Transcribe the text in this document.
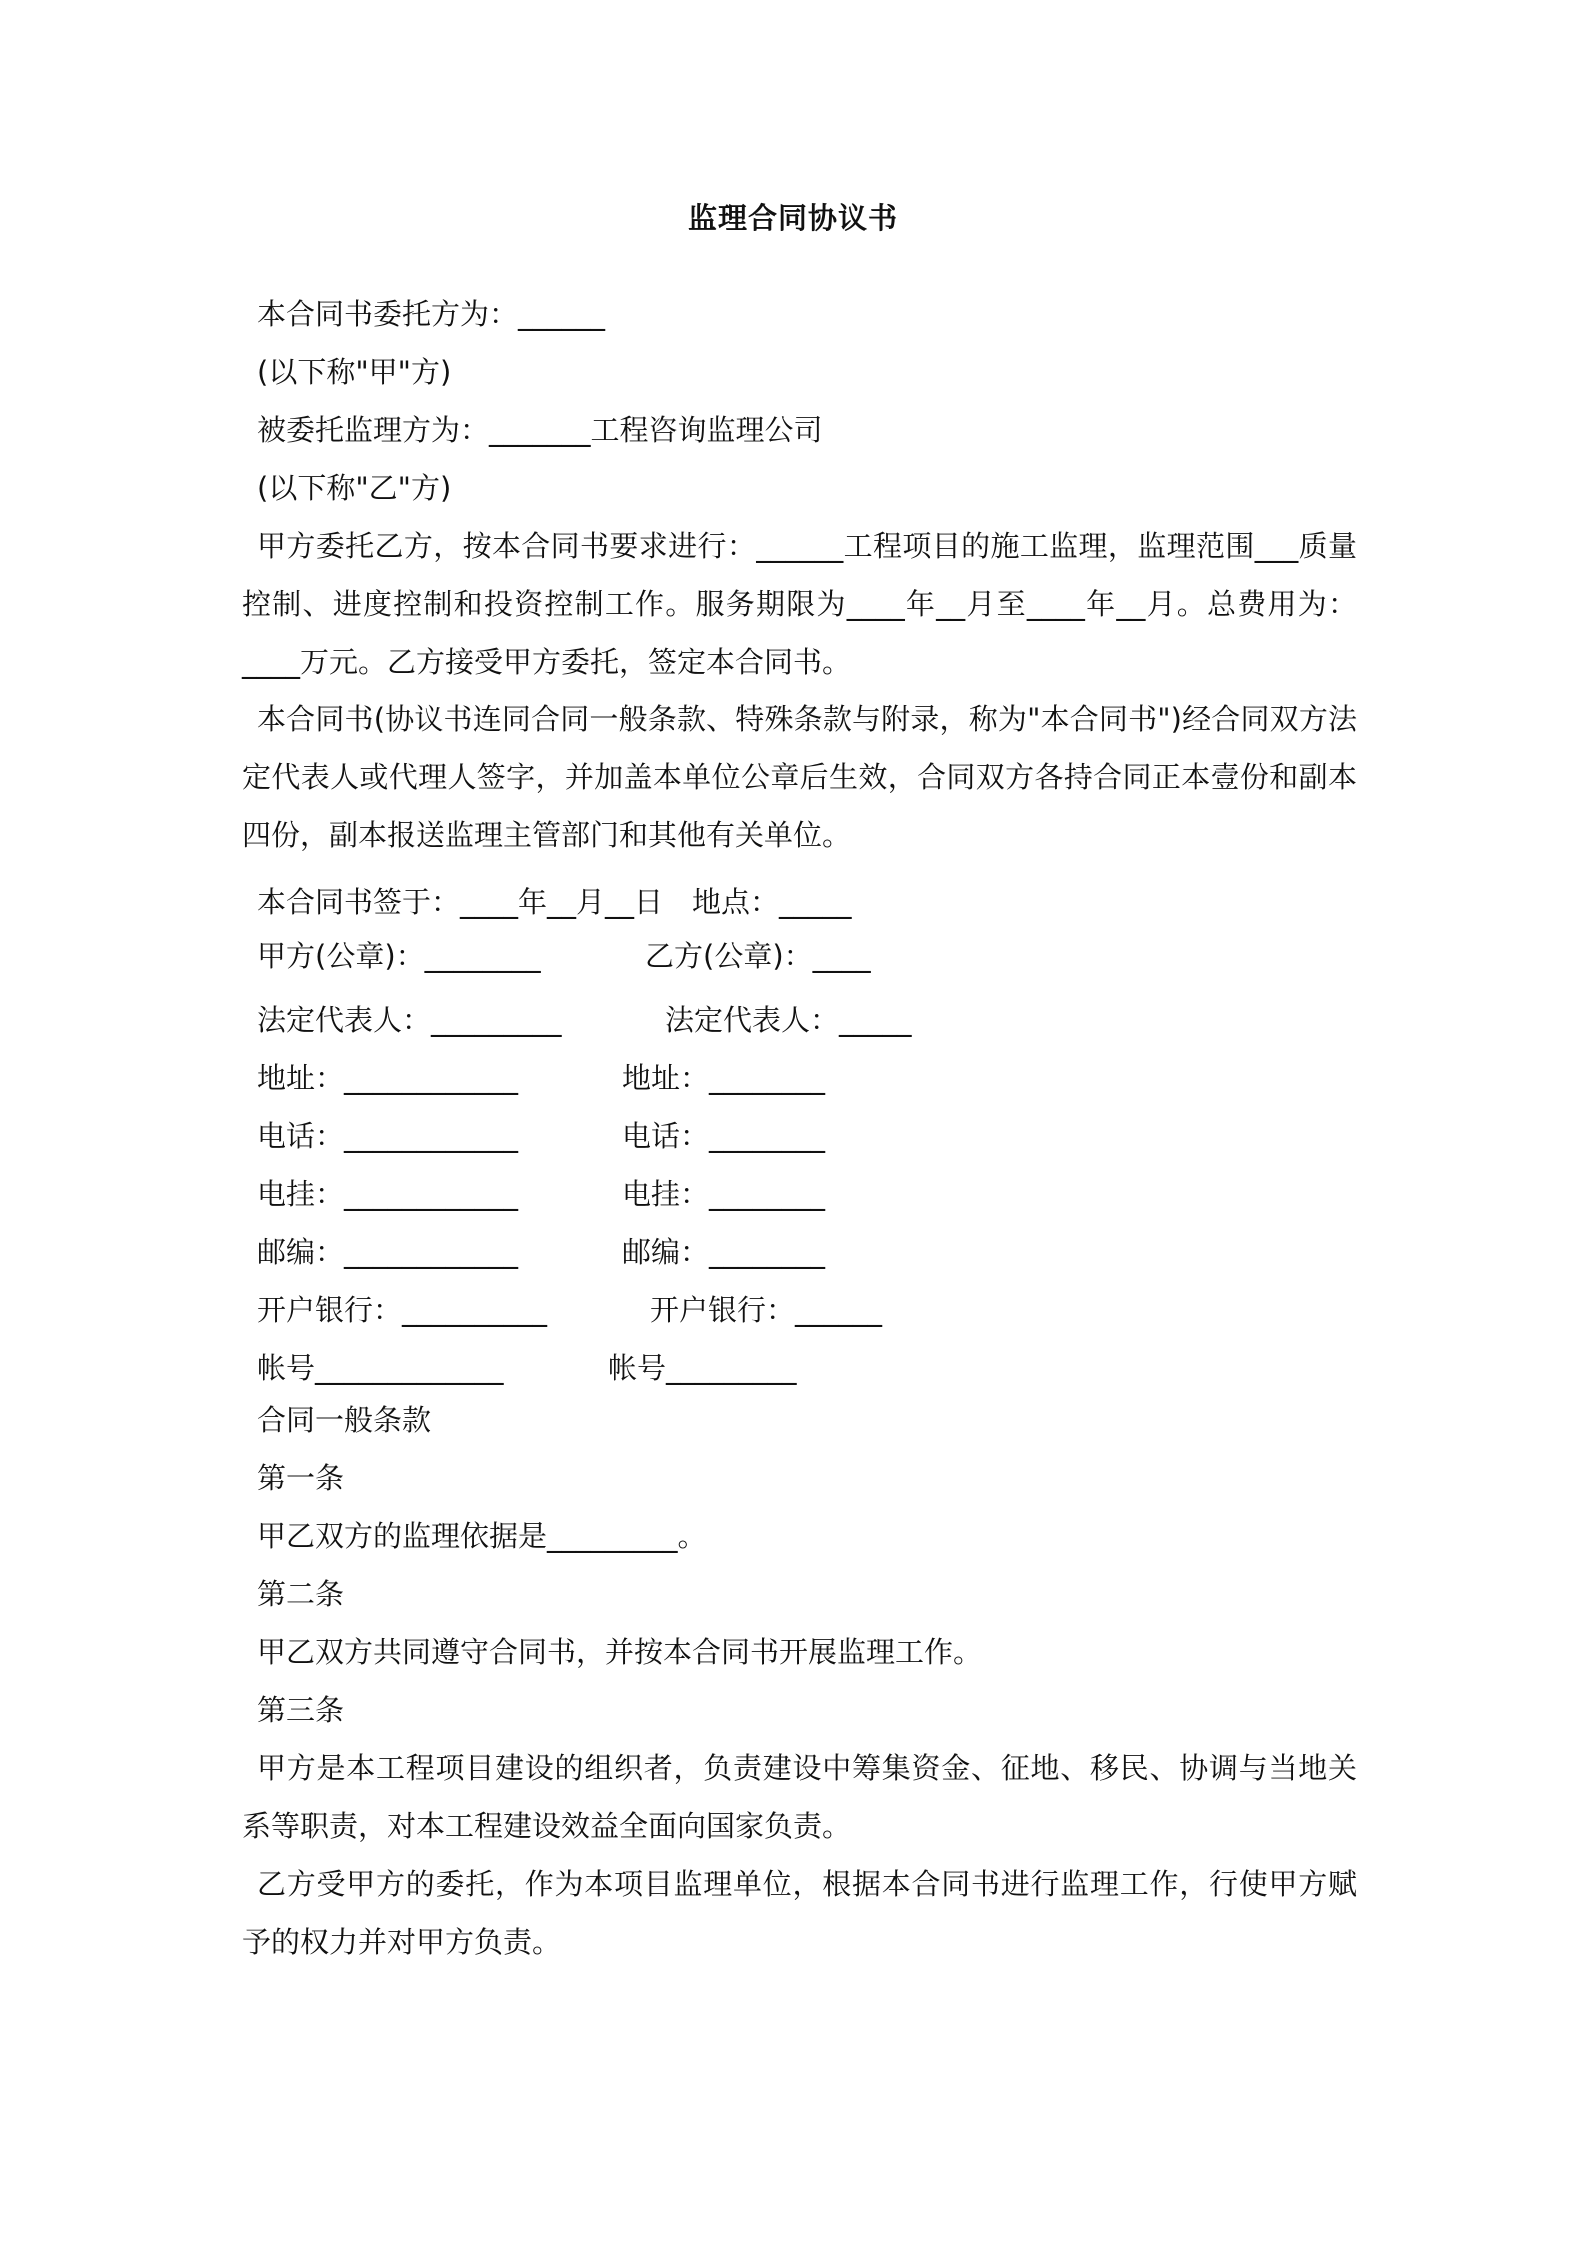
监理合同协议书
本合同书委托方为：______
(以下称"甲"方)
被委托监理方为：_______工程咨询监理公司
(以下称"乙"方)
甲方委托乙方，按本合同书要求进行：______工程项目的施工监理，监理范围___质量控制、进度控制和投资控制工作。服务期限为____年__月至____年__月。总费用为：____万元。乙方接受甲方委托，签定本合同书。
本合同书(协议书连同合同一般条款、特殊条款与附录，称为"本合同书")经合同双方法定代表人或代理人签字，并加盖本单位公章后生效，合同双方各持合同正本壹份和副本四份，副本报送监理主管部门和其他有关单位。
本合同书签于：____年__月__日　地点：_____
甲方(公章)：________
法定代表人：_________
地址：____________
电话：____________
电挂：____________
邮编：____________
开户银行：__________
帐号_____________
乙方(公章)：____
法定代表人：_____
地址：________
电话：________
电挂：________
邮编：________
开户银行：______
帐号_________
合同一般条款
第一条
甲乙双方的监理依据是_________。
第二条
甲乙双方共同遵守合同书，并按本合同书开展监理工作。
第三条
甲方是本工程项目建设的组织者，负责建设中筹集资金、征地、移民、协调与当地关系等职责，对本工程建设效益全面向国家负责。
乙方受甲方的委托，作为本项目监理单位，根据本合同书进行监理工作，行使甲方赋予的权力并对甲方负责。
